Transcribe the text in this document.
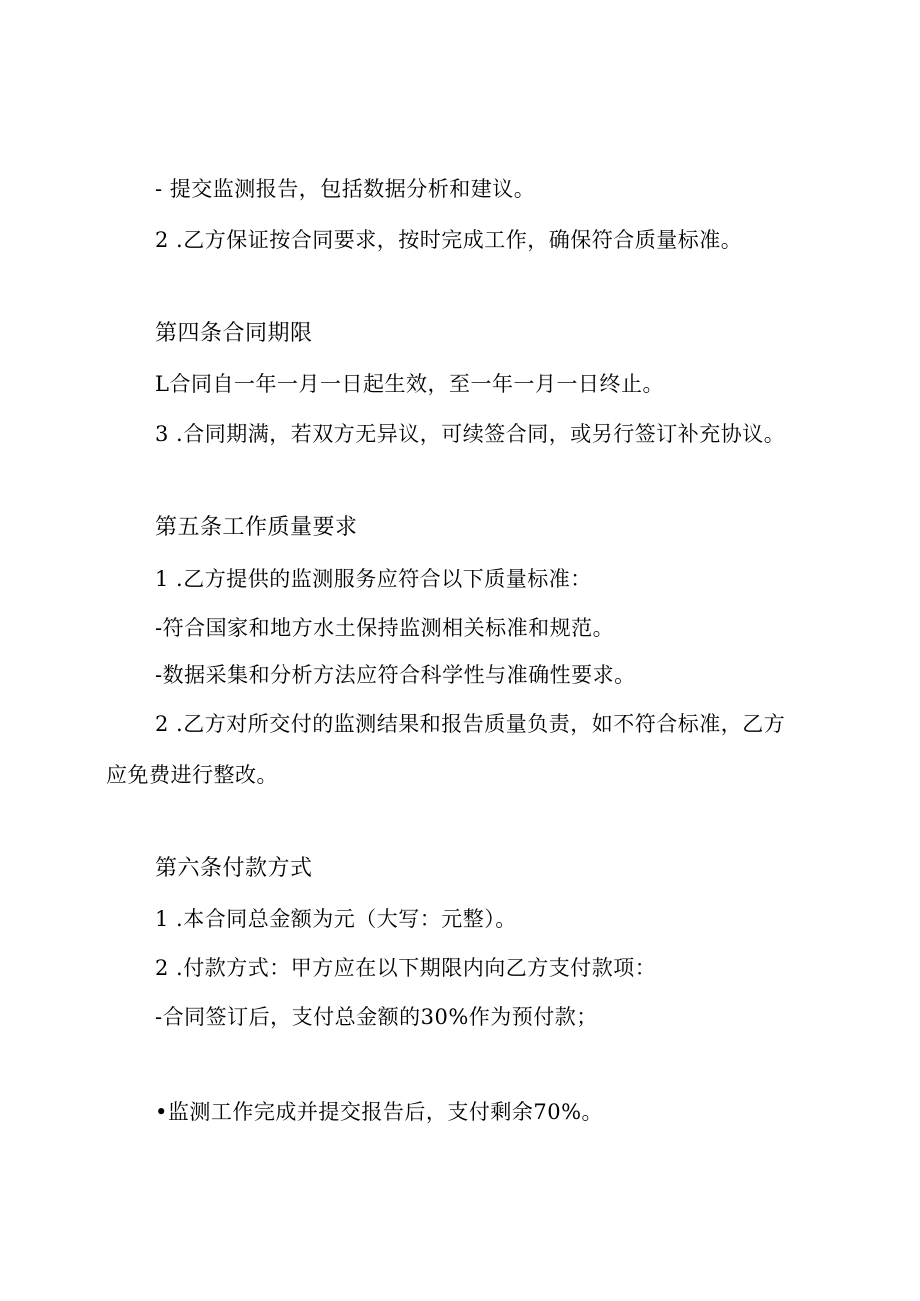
- 提交监测报告，包括数据分析和建议。
2 .乙方保证按合同要求，按时完成工作，确保符合质量标准。
第四条合同期限
L合同自一年一月一日起生效，至一年一月一日终止。
3 .合同期满，若双方无异议，可续签合同，或另行签订补充协议。
第五条工作质量要求
1 .乙方提供的监测服务应符合以下质量标准：
-符合国家和地方水土保持监测相关标准和规范。
-数据采集和分析方法应符合科学性与准确性要求。
2 .乙方对所交付的监测结果和报告质量负责，如不符合标准，乙方
应免费进行整改。
第六条付款方式
1 .本合同总金额为元（大写：元整）。
2 .付款方式：甲方应在以下期限内向乙方支付款项：
-合同签订后，支付总金额的30%作为预付款；
•监测工作完成并提交报告后，支付剩余70%。
